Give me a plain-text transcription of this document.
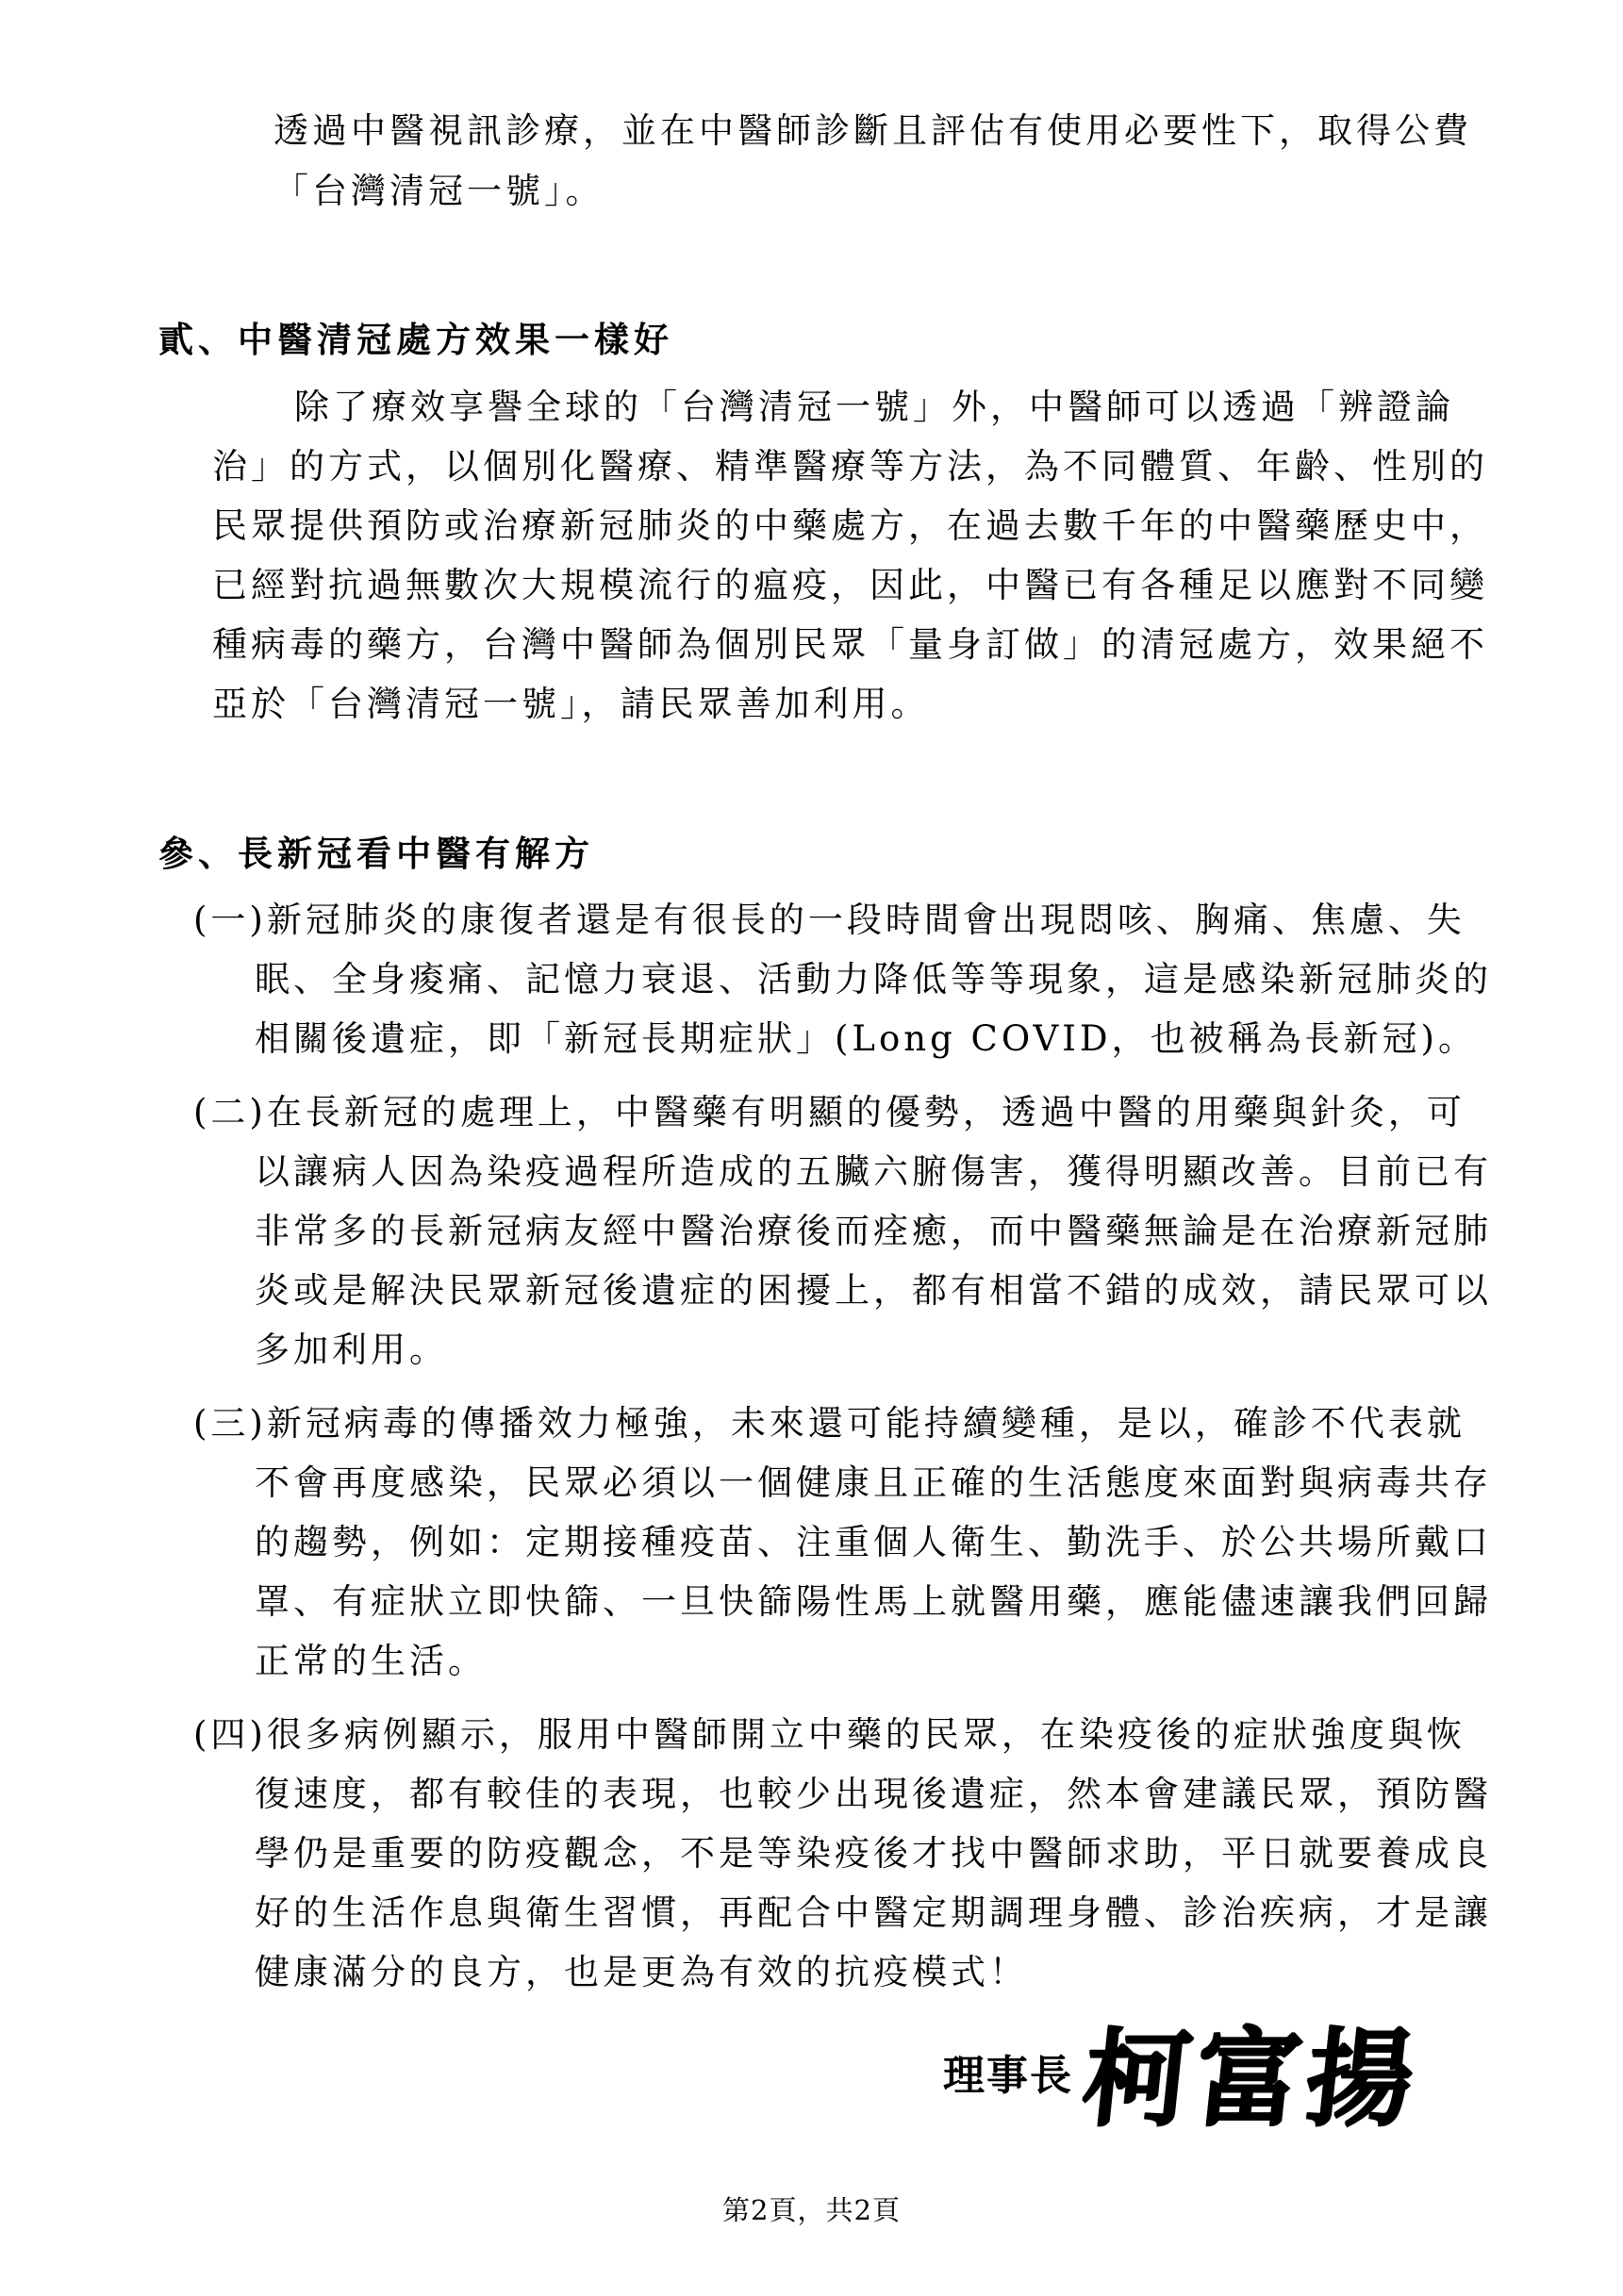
透過中醫視訊診療，並在中醫師診斷且評估有使用必要性下，取得公費
「台灣清冠一號」。
貳、中醫清冠處方效果一樣好
除了療效享譽全球的「台灣清冠一號」外，中醫師可以透過「辨證論
治」的方式，以個別化醫療、精準醫療等方法，為不同體質、年齡、性別的
民眾提供預防或治療新冠肺炎的中藥處方，在過去數千年的中醫藥歷史中，
已經對抗過無數次大規模流行的瘟疫，因此，中醫已有各種足以應對不同變
種病毒的藥方，台灣中醫師為個別民眾「量身訂做」的清冠處方，效果絕不
亞於「台灣清冠一號」，請民眾善加利用。
參、長新冠看中醫有解方
(一)新冠肺炎的康復者還是有很長的一段時間會出現悶咳、胸痛、焦慮、失
眠、全身痠痛、記憶力衰退、活動力降低等等現象，這是感染新冠肺炎的
相關後遺症，即「新冠長期症狀」(Long COVID，也被稱為長新冠)。
(二)在長新冠的處理上，中醫藥有明顯的優勢，透過中醫的用藥與針灸，可
以讓病人因為染疫過程所造成的五臟六腑傷害，獲得明顯改善。目前已有
非常多的長新冠病友經中醫治療後而痊癒，而中醫藥無論是在治療新冠肺
炎或是解決民眾新冠後遺症的困擾上，都有相當不錯的成效，請民眾可以
多加利用。
(三)新冠病毒的傳播效力極強，未來還可能持續變種，是以，確診不代表就
不會再度感染，民眾必須以一個健康且正確的生活態度來面對與病毒共存
的趨勢，例如：定期接種疫苗、注重個人衛生、勤洗手、於公共場所戴口
罩、有症狀立即快篩、一旦快篩陽性馬上就醫用藥，應能儘速讓我們回歸
正常的生活。
(四)很多病例顯示，服用中醫師開立中藥的民眾，在染疫後的症狀強度與恢
復速度，都有較佳的表現，也較少出現後遺症，然本會建議民眾，預防醫
學仍是重要的防疫觀念，不是等染疫後才找中醫師求助，平日就要養成良
好的生活作息與衛生習慣，再配合中醫定期調理身體、診治疾病，才是讓
健康滿分的良方，也是更為有效的抗疫模式！
理事長 柯富揚
第2頁，共2頁
